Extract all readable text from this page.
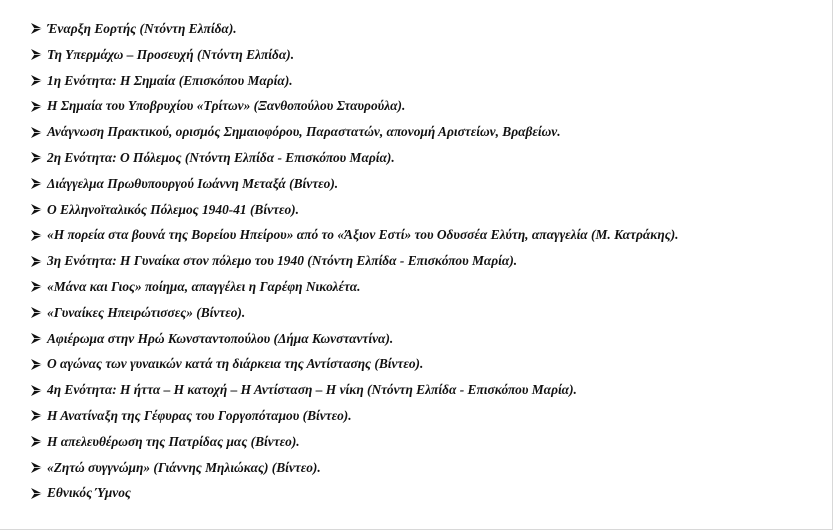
Έναρξη Εορτής (Ντόντη Ελπίδα).
Τη Υπερμάχω – Προσευχή (Ντόντη Ελπίδα).
1η Ενότητα: Η Σημαία (Επισκόπου Μαρία).
Η Σημαία του Υποβρυχίου «Τρίτων» (Ξανθοπούλου Σταυρούλα).
Ανάγνωση Πρακτικού, ορισμός Σημαιοφόρου, Παραστατών, απονομή Αριστείων, Βραβείων.
2η Ενότητα: Ο Πόλεμος (Ντόντη Ελπίδα - Επισκόπου Μαρία).
Διάγγελμα Πρωθυπουργού Ιωάννη Μεταξά (Βίντεο).
Ο Ελληνοϊταλικός Πόλεμος 1940-41 (Βίντεο).
«Η πορεία στα βουνά της Βορείου Ηπείρου» από το «Άξιον Εστί» του Οδυσσέα Ελύτη, απαγγελία (Μ. Κατράκης).
3η Ενότητα: Η Γυναίκα στον πόλεμο του 1940 (Ντόντη Ελπίδα - Επισκόπου Μαρία).
«Μάνα και Γιος» ποίημα, απαγγέλει η Γαρέφη Νικολέτα.
«Γυναίκες Ηπειρώτισσες» (Βίντεο).
Αφιέρωμα στην Ηρώ Κωνσταντοπούλου (Δήμα Κωνσταντίνα).
Ο αγώνας των γυναικών κατά τη διάρκεια της Αντίστασης (Βίντεο).
4η Ενότητα: Η ήττα – Η κατοχή – Η Αντίσταση – Η νίκη (Ντόντη Ελπίδα - Επισκόπου Μαρία).
Η Ανατίναξη της Γέφυρας του Γοργοπόταμου (Βίντεο).
Η απελευθέρωση της Πατρίδας μας (Βίντεο).
«Ζητώ συγγνώμη» (Γιάννης Μηλιώκας) (Βίντεο).
Εθνικός Ύμνος
